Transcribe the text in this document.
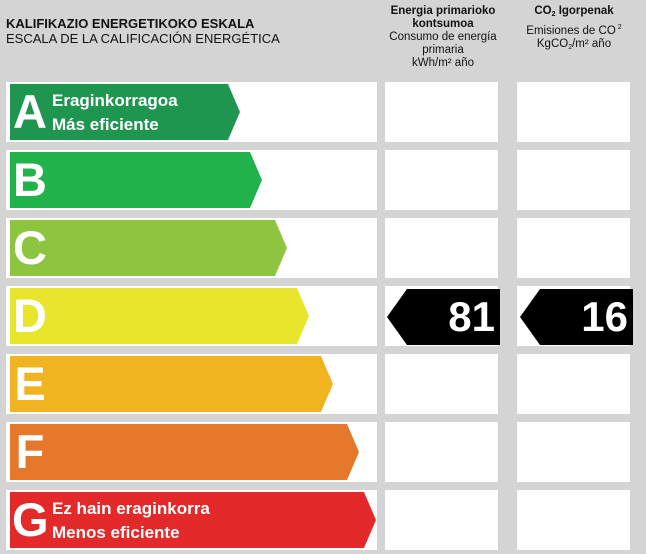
KALIFIKAZIO ENERGETIKOKO ESKALA
ESCALA DE LA CALIFICACIÓN ENERGÉTICA
Energia primarioko
kontsumoa
Consumo de energía
primaria
kWh/m² año
$CO_2$ Igorpenak
Emisiones de CO $^2$
KgCO$_2$/m² año
A Eraginkorragoa
Más eficiente
B
C
D	81	16
E
F
G Ez hain eraginkorra
Menos eficiente
